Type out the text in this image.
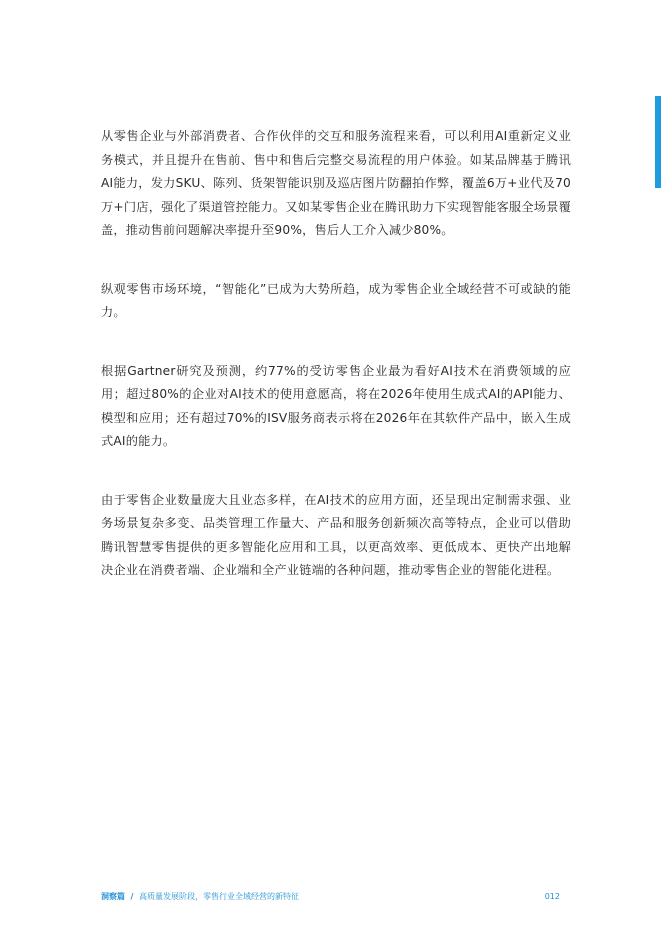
从零售企业与外部消费者、合作伙伴的交互和服务流程来看，可以利用AI重新定义业务模式，并且提升在售前、售中和售后完整交易流程的用户体验。如某品牌基于腾讯AI能力，发力SKU、陈列、货架智能识别及巡店图片防翻拍作弊，覆盖6万+业代及70万+门店，强化了渠道管控能力。又如某零售企业在腾讯助力下实现智能客服全场景覆盖，推动售前问题解决率提升至90%，售后人工介入减少80%。

纵观零售市场环境，“智能化”已成为大势所趋，成为零售企业全域经营不可或缺的能力。

根据Gartner研究及预测，约77%的受访零售企业最为看好AI技术在消费领域的应用；超过80%的企业对AI技术的使用意愿高，将在2026年使用生成式AI的API能力、模型和应用；还有超过70%的ISV服务商表示将在2026年在其软件产品中，嵌入生成式AI的能力。

由于零售企业数量庞大且业态多样，在AI技术的应用方面，还呈现出定制需求强、业务场景复杂多变、品类管理工作量大、产品和服务创新频次高等特点，企业可以借助腾讯智慧零售提供的更多智能化应用和工具，以更高效率、更低成本、更快产出地解决企业在消费者端、企业端和全产业链端的各种问题，推动零售企业的智能化进程。

洞察篇 / 高质量发展阶段，零售行业全域经营的新特征	012
